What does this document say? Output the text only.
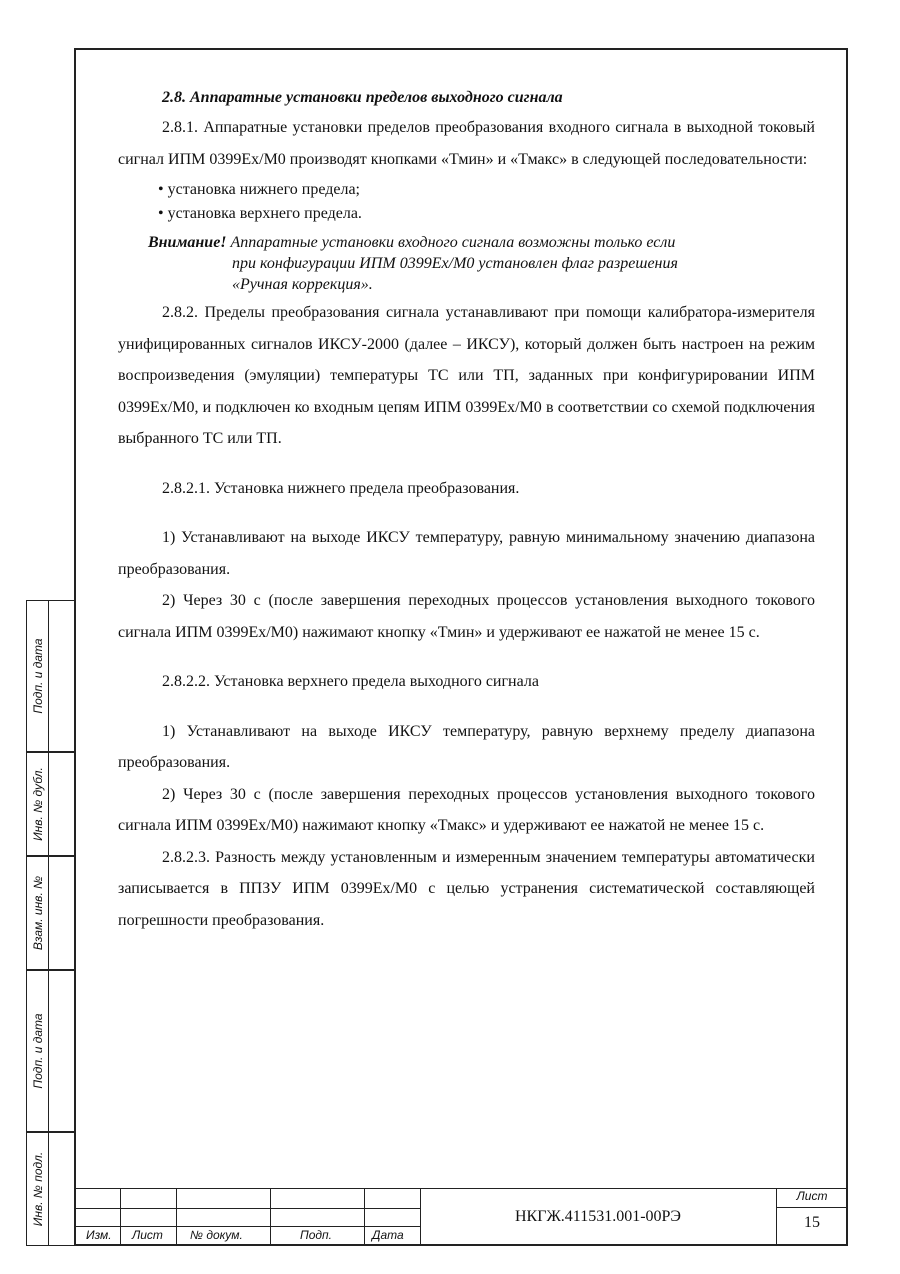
Подп. и дата
Инв. № дубл.
Взам. инв. №
Подп. и дата
Инв. № подл.

2.8. Аппаратные установки пределов выходного сигнала

2.8.1. Аппаратные установки пределов преобразования входного сигнала в выходной токовый сигнал ИПМ 0399Ex/M0 производят кнопками «Тмин» и «Тмакс» в следующей последовательности:

• установка нижнего предела;
• установка верхнего предела.
Внимание! Аппаратные установки входного сигнала возможны только если
при конфигурации ИПМ 0399Ex/M0 установлен флаг разрешения
«Ручная коррекция».

2.8.2. Пределы преобразования сигнала устанавливают при помощи калибратора-измерителя унифицированных сигналов ИКСУ-2000 (далее – ИКСУ), который должен быть настроен на режим воспроизведения (эмуляции) температуры ТС или ТП, заданных при конфигурировании ИПМ 0399Ex/M0, и подключен ко входным цепям ИПМ 0399Ex/M0 в соответствии со схемой подключения выбранного ТС или ТП.

2.8.2.1. Установка нижнего предела преобразования.

1) Устанавливают на выходе ИКСУ температуру, равную минимальному значению диапазона преобразования.

2) Через 30 с (после завершения переходных процессов установления выходного токового сигнала ИПМ 0399Ex/M0) нажимают кнопку «Тмин» и удерживают ее нажатой не менее 15 с.

2.8.2.2. Установка верхнего предела выходного сигнала

1) Устанавливают на выходе ИКСУ температуру, равную верхнему пределу диапазона преобразования.

2) Через 30 с (после завершения переходных процессов установления выходного токового сигнала ИПМ 0399Ex/M0) нажимают кнопку «Тмакс» и удерживают ее нажатой не менее 15 с.

2.8.2.3. Разность между установленным и измеренным значением температуры автоматически записывается в ППЗУ ИПМ 0399Ex/M0 с целью устранения систематической составляющей погрешности преобразования.

Изм. Лист № докум.	Подп.	Дата
НКГЖ.411531.001-00РЭ
Лист
15
